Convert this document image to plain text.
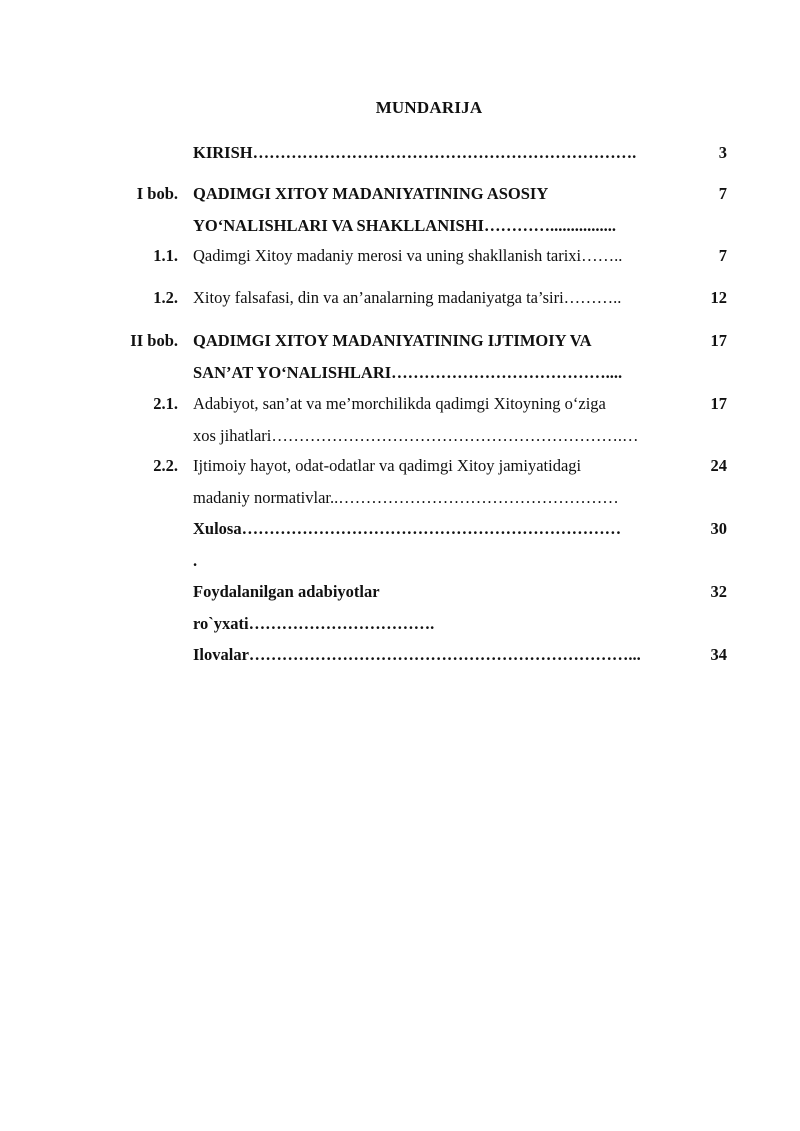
MUNDARIJA
KIRISH…………………………………………………………….	3
I bob. QADIMGI XITOY MADANIYATINING ASOSIY	7
YO‘NALISHLARI VA SHAKLLANISHI…………................
1.1. Qadimgi Xitoy madaniy merosi va uning shakllanish tarixi……..	7
1.2. Xitoy falsafasi, din va an’analarning madaniyatga ta’siri………..	12
II bob. QADIMGI XITOY MADANIYATINING IJTIMOIY VA	17
SAN’AT YO‘NALISHLARI…………………………………....
2.1. Adabiyot, san’at va me’morchilikda qadimgi Xitoyning o‘ziga	17
xos jihatlari……………………………………………………….…
2.2. Ijtimoiy hayot, odat-odatlar va qadimgi Xitoy jamiyatidagi	24
madaniy normativlar..……………………………………………
Xulosa……………………………………………………………	30
.
Foydalanilgan adabiyotlar	32
ro`yxati…………………………….
Ilovalar……………………………………………………………...	34
